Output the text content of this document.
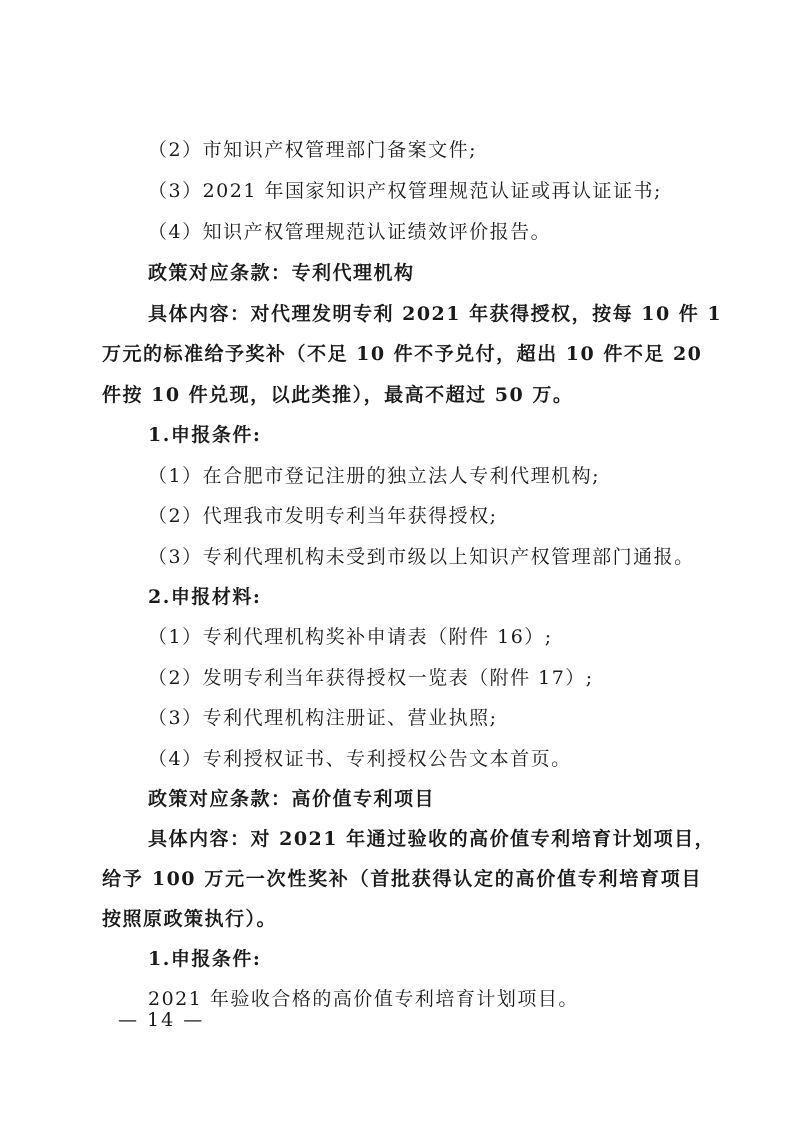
（2）市知识产权管理部门备案文件;
（3）2021 年国家知识产权管理规范认证或再认证证书;
（4）知识产权管理规范认证绩效评价报告。
政策对应条款：专利代理机构
具体内容：对代理发明专利 2021 年获得授权，按每 10 件 1
万元的标准给予奖补（不足 10 件不予兑付，超出 10 件不足 20
件按 10 件兑现，以此类推），最高不超过 50 万。
1.申报条件:
（1）在合肥市登记注册的独立法人专利代理机构;
（2）代理我市发明专利当年获得授权;
（3）专利代理机构未受到市级以上知识产权管理部门通报。
2.申报材料:
（1）专利代理机构奖补申请表（附件 16）;
（2）发明专利当年获得授权一览表（附件 17）;
（3）专利代理机构注册证、营业执照;
（4）专利授权证书、专利授权公告文本首页。
政策对应条款：高价值专利项目
具体内容：对 2021 年通过验收的高价值专利培育计划项目，
给予 100 万元一次性奖补（首批获得认定的高价值专利培育项目
按照原政策执行）。
1.申报条件:
2021 年验收合格的高价值专利培育计划项目。
— 14 —
